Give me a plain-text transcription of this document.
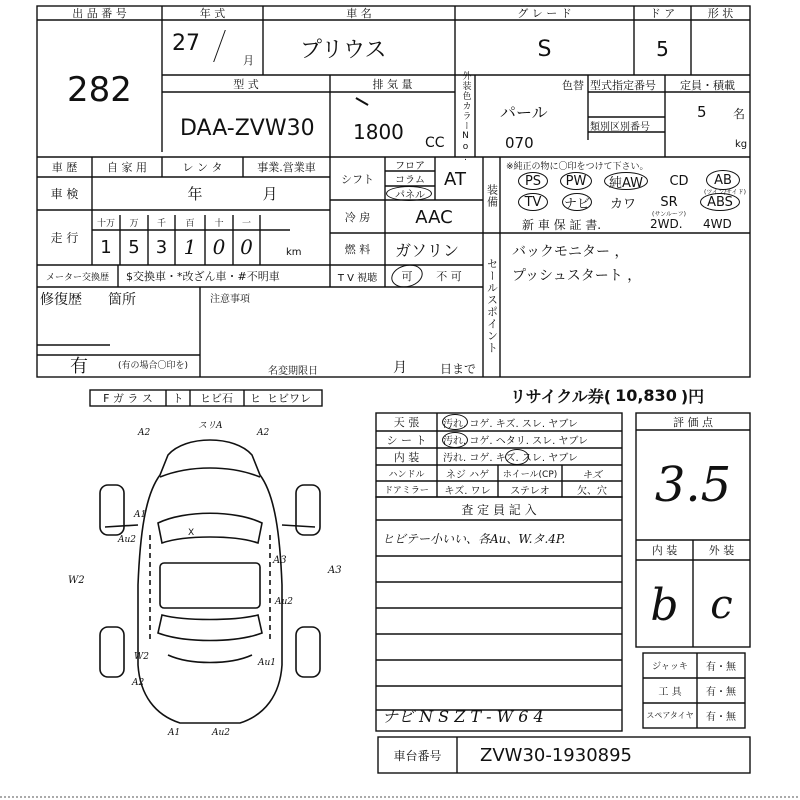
出 品 番 号
282
年 式
27
月
車 名
プリウス
グ レ ー ド
S
ド ア
5
形 状
型 式
DAA-ZVW30
排 気 量
1800 CC	外装色カラーNo.	色替
パール
070
型式指定番号
類別区別番号
定員・積載
5 名
kg
車 歴	自 家 用	レ ン タ	事業.営業車
車 検	年	月
走 行
十万	万	千	百	十	一
1 5 3 1 0 0	km
メーター交換歴	$交換車・*改ざん車・#不明車
シフト
フロア
コラム
パネル
AT
冷 房	AAC
燃 料	ガソリン
T V 視聴	可	不 可
装備
※純正の物に〇印をつけて下さい。
PS	PW	純AW	CD	AB
(ツイン/サイド)
TV	ナビ	カワ	SR
(サンルーフ)
ABS
新 車 保 証 書.	2WD. 4WD
セールスポイント
バックモニター ，
プッシュスタート ，
修復歴 箇所
有	(有の場合〇印を)
注意事項
名変期限日	月	日まで
リサイクル券( 10,830 )円
F ガ ラ ス	ト	ヒビ 石 ヒ ヒビ ワレ
A2
スリA
A2
A1
Au2
A3
A3
W2
Au2
W2
Au1
A2
A1	Au2
X
天 張	汚れ. コゲ. キズ. スレ. ヤブレ
シ ー ト	汚れ. コゲ. ヘタリ. スレ. ヤブレ
内 装	汚れ. コゲ. キズ. スレ. ヤブレ
ハンドル	ネジ ハゲ	ホイール(CP)	キズ
ドアミラー	キズ. ワレ	ステレオ	欠、穴
査 定 員 記 入
ヒビテー小いい、各Au、W.タ.4P.
ナビ N S Z T - W 6 4
評 価 点
3.5
内 装	外 装
b c
ジャッキ	有・無
工 具	有・無
スペアタイヤ	有・無
車台番号	ZVW30-1930895
